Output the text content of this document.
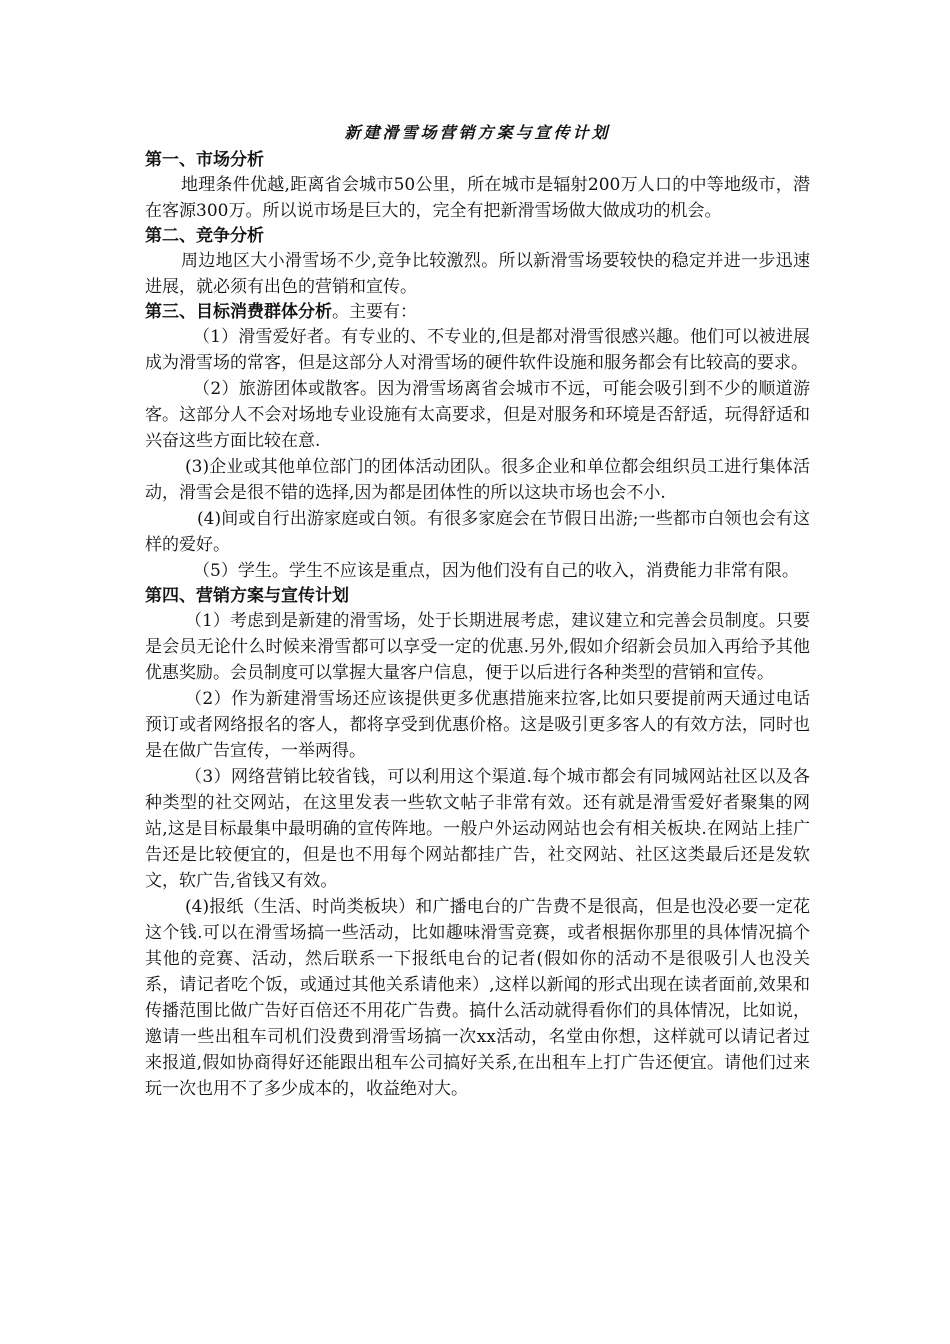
新建滑雪场营销方案与宣传计划
第一、市场分析

地理条件优越,距离省会城市50公里，所在城市是辐射200万人口的中等地级市，潜在客源300万。所以说市场是巨大的，完全有把新滑雪场做大做成功的机会。

第二、竞争分析

周边地区大小滑雪场不少,竞争比较激烈。所以新滑雪场要较快的稳定并进一步迅速进展，就必须有出色的营销和宣传。

第三、目标消费群体分析。主要有：

（1）滑雪爱好者。有专业的、不专业的,但是都对滑雪很感兴趣。他们可以被进展成为滑雪场的常客，但是这部分人对滑雪场的硬件软件设施和服务都会有比较高的要求。

（2）旅游团体或散客。因为滑雪场离省会城市不远，可能会吸引到不少的顺道游客。这部分人不会对场地专业设施有太高要求，但是对服务和环境是否舒适，玩得舒适和兴奋这些方面比较在意.

(3)企业或其他单位部门的团体活动团队。很多企业和单位都会组织员工进行集体活动，滑雪会是很不错的选择,因为都是团体性的所以这块市场也会不小.

(4)间或自行出游家庭或白领。有很多家庭会在节假日出游;一些都市白领也会有这样的爱好。

（5）学生。学生不应该是重点，因为他们没有自己的收入，消费能力非常有限。

第四、营销方案与宣传计划

（1）考虑到是新建的滑雪场，处于长期进展考虑，建议建立和完善会员制度。只要是会员无论什么时候来滑雪都可以享受一定的优惠.另外,假如介绍新会员加入再给予其他优惠奖励。会员制度可以掌握大量客户信息，便于以后进行各种类型的营销和宣传。

（2）作为新建滑雪场还应该提供更多优惠措施来拉客,比如只要提前两天通过电话预订或者网络报名的客人，都将享受到优惠价格。这是吸引更多客人的有效方法，同时也是在做广告宣传，一举两得。

（3）网络营销比较省钱，可以利用这个渠道.每个城市都会有同城网站社区以及各种类型的社交网站，在这里发表一些软文帖子非常有效。还有就是滑雪爱好者聚集的网站,这是目标最集中最明确的宣传阵地。一般户外运动网站也会有相关板块.在网站上挂广告还是比较便宜的，但是也不用每个网站都挂广告，社交网站、社区这类最后还是发软文，软广告,省钱又有效。

(4)报纸（生活、时尚类板块）和广播电台的广告费不是很高，但是也没必要一定花这个钱.可以在滑雪场搞一些活动，比如趣味滑雪竞赛，或者根据你那里的具体情况搞个其他的竞赛、活动，然后联系一下报纸电台的记者(假如你的活动不是很吸引人也没关系，请记者吃个饭，或通过其他关系请他来）,这样以新闻的形式出现在读者面前,效果和传播范围比做广告好百倍还不用花广告费。搞什么活动就得看你们的具体情况，比如说，邀请一些出租车司机们没费到滑雪场搞一次xx活动，名堂由你想，这样就可以请记者过来报道,假如协商得好还能跟出租车公司搞好关系,在出租车上打广告还便宜。请他们过来玩一次也用不了多少成本的，收益绝对大。
